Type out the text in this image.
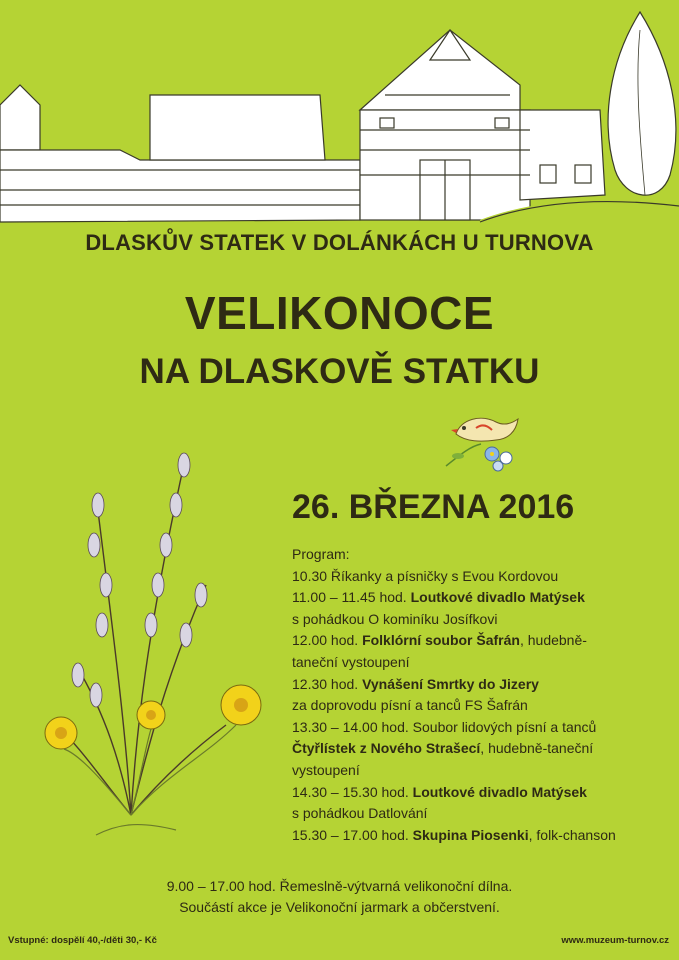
DLASKŮV STATEK V DOLÁNKÁCH U TURNOVA
VELIKONOCE
NA DLASKOVĚ STATKU
26. BŘEZNA 2016
Program:
10.30 Říkanky a písničky s Evou Kordovou
11.00 – 11.45 hod. Loutkové divadlo Matýsek
s pohádkou O kominíku Josífkovi
12.00 hod. Folklórní soubor Šafrán, hudebně-
taneční vystoupení
12.30 hod. Vynášení Smrtky do Jizery
za doprovodu písní a tanců FS Šafrán
13.30 – 14.00 hod. Soubor lidových písní a tanců
Čtyřlístek z Nového Strašecí, hudebně-taneční
vystoupení
14.30 – 15.30 hod. Loutkové divadlo Matýsek
s pohádkou Datlování
15.30 – 17.00 hod. Skupina Piosenki, folk-chanson
9.00 – 17.00 hod. Řemeslně-výtvarná velikonoční dílna.
Součástí akce je Velikonoční jarmark a občerstvení.
Vstupné: dospělí 40,-/děti 30,- Kč	www.muzeum-turnov.cz
